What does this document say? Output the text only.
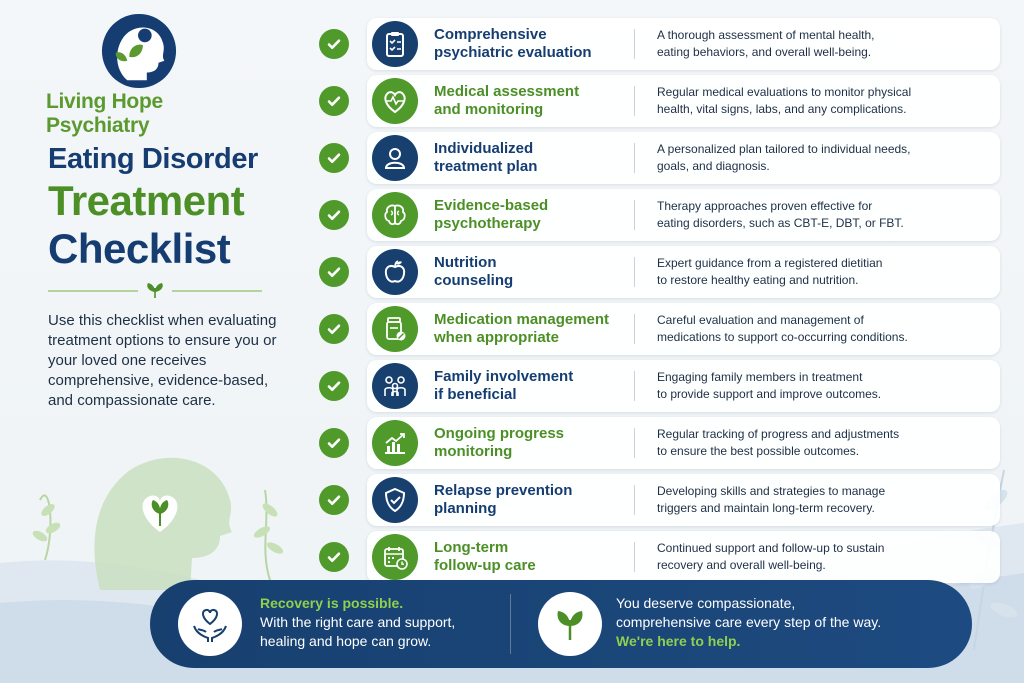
Living Hope Psychiatry
Eating Disorder
Treatment
Checklist
Use this checklist when evaluating treatment options to ensure you or your loved one receives comprehensive, evidence-based, and compassionate care.
Comprehensive
psychiatric evaluation
A thorough assessment of mental health,
eating behaviors, and overall well-being.
Medical assessment
and monitoring
Regular medical evaluations to monitor physical
health, vital signs, labs, and any complications.
Individualized
treatment plan
A personalized plan tailored to individual needs,
goals, and diagnosis.
Evidence-based
psychotherapy
Therapy approaches proven effective for
eating disorders, such as CBT-E, DBT, or FBT.
Nutrition
counseling
Expert guidance from a registered dietitian
to restore healthy eating and nutrition.
Medication management
when appropriate
Careful evaluation and management of
medications to support co-occurring conditions.
Family involvement
if beneficial
Engaging family members in treatment
to provide support and improve outcomes.
Ongoing progress
monitoring
Regular tracking of progress and adjustments
to ensure the best possible outcomes.
Relapse prevention
planning
Developing skills and strategies to manage
triggers and maintain long-term recovery.
Long-term
follow-up care
Continued support and follow-up to sustain
recovery and overall well-being.
Recovery is possible.
With the right care and support,
healing and hope can grow.
You deserve compassionate,
comprehensive care every step of the way.
We're here to help.
